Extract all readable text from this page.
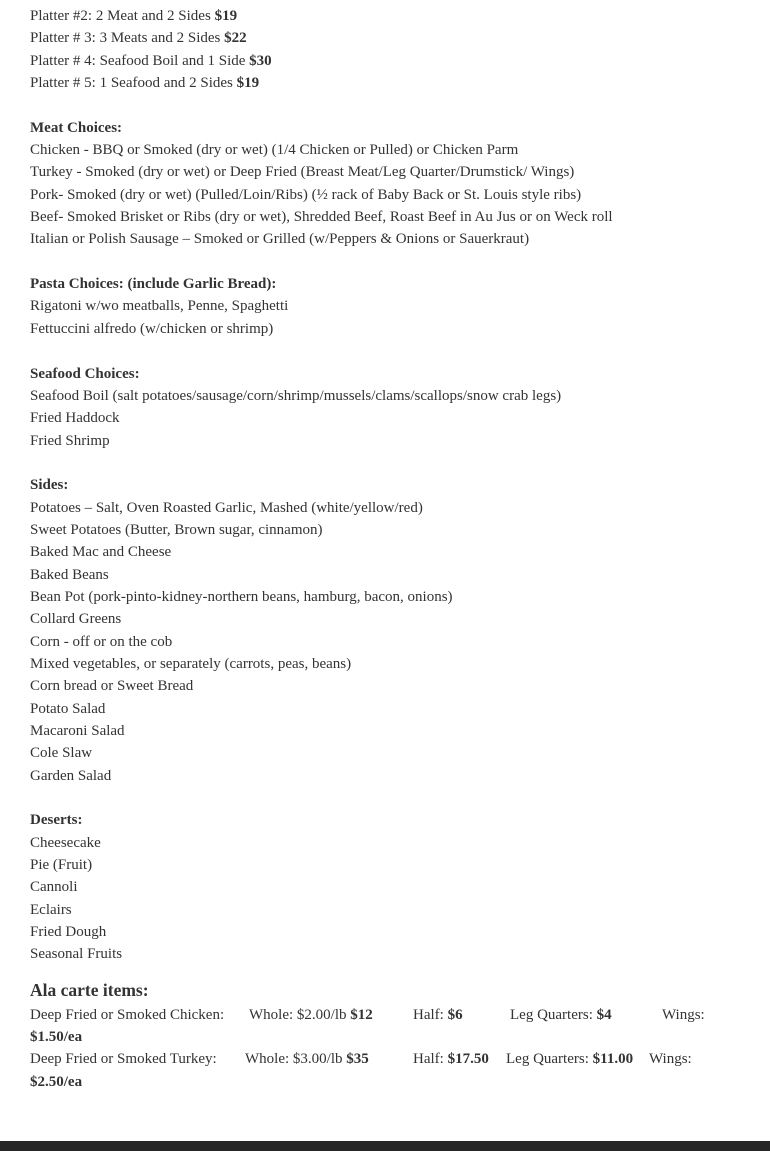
Platter #2: 2 Meat and 2 Sides $19
Platter # 3: 3 Meats and 2 Sides $22
Platter # 4: Seafood Boil and 1 Side $30
Platter # 5: 1 Seafood and 2 Sides $19
Meat Choices:
Chicken - BBQ or Smoked (dry or wet) (1/4 Chicken or Pulled) or Chicken Parm
Turkey - Smoked (dry or wet) or Deep Fried (Breast Meat/Leg Quarter/Drumstick/ Wings)
Pork- Smoked (dry or wet) (Pulled/Loin/Ribs) (½ rack of Baby Back or St. Louis style ribs)
Beef- Smoked Brisket or Ribs (dry or wet), Shredded Beef, Roast Beef in Au Jus or on Weck roll
Italian or Polish Sausage – Smoked or Grilled (w/Peppers & Onions or Sauerkraut)
Pasta Choices: (include Garlic Bread):
Rigatoni w/wo meatballs, Penne, Spaghetti
Fettuccini alfredo (w/chicken or shrimp)
Seafood Choices:
Seafood Boil (salt potatoes/sausage/corn/shrimp/mussels/clams/scallops/snow crab legs)
Fried Haddock
Fried Shrimp
Sides:
Potatoes – Salt, Oven Roasted Garlic, Mashed (white/yellow/red)
Sweet Potatoes (Butter, Brown sugar, cinnamon)
Baked Mac and Cheese
Baked Beans
Bean Pot (pork-pinto-kidney-northern beans, hamburg, bacon, onions)
Collard Greens
Corn - off or on the cob
Mixed vegetables, or separately (carrots, peas, beans)
Corn bread or Sweet Bread
Potato Salad
Macaroni Salad
Cole Slaw
Garden Salad
Deserts:
Cheesecake
Pie (Fruit)
Cannoli
Eclairs
Fried Dough
Seasonal Fruits
Ala carte items:
Deep Fried or Smoked Chicken: Whole: $2.00/lb $12	Half: $6	Leg Quarters: $4	Wings:
$1.50/ea
Deep Fried or Smoked Turkey: Whole: $3.00/lb $35	Half: $17.50 Leg Quarters: $11.00 Wings:
$2.50/ea
